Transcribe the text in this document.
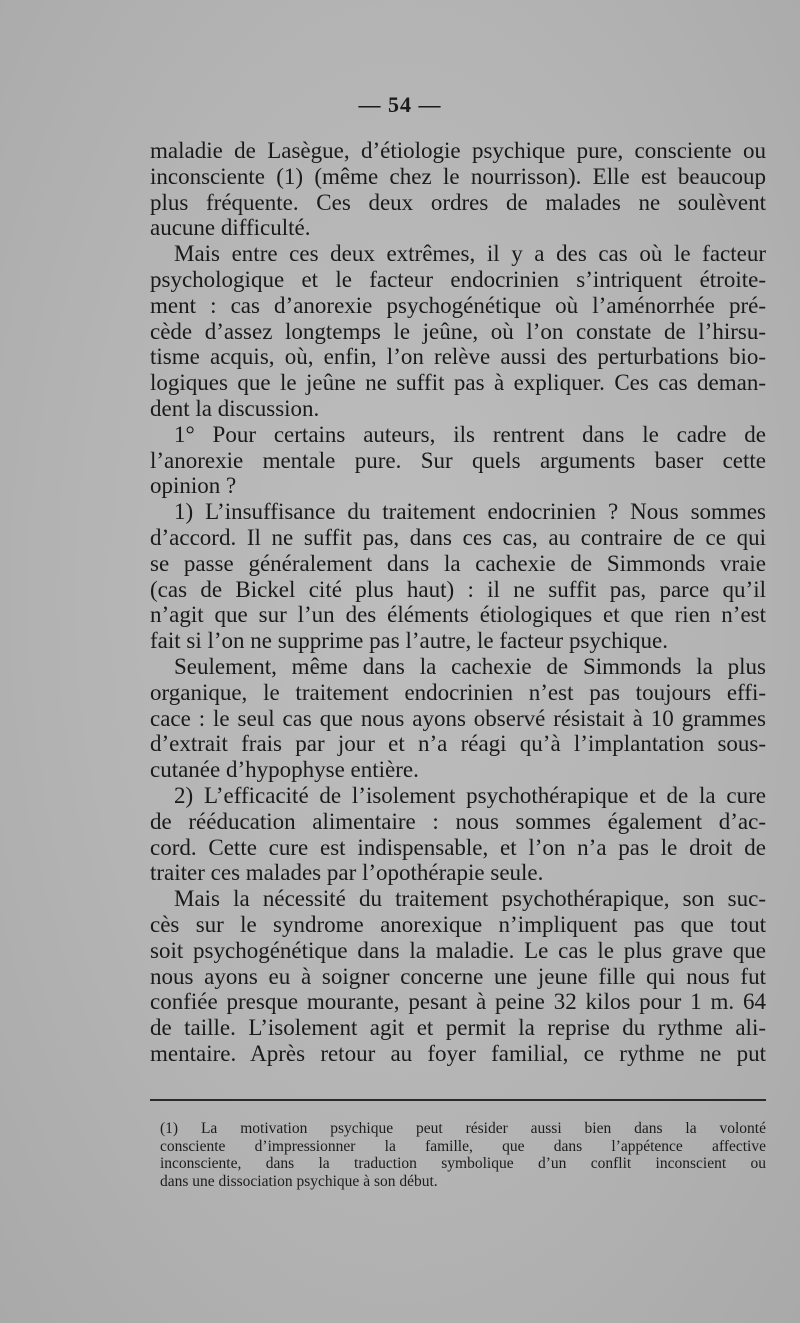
— 54 —
maladie de Lasègue, d’étiologie psychique pure, consciente ou
inconsciente (1) (même chez le nourrisson). Elle est beaucoup
plus fréquente. Ces deux ordres de malades ne soulèvent
aucune difficulté.
Mais entre ces deux extrêmes, il y a des cas où le facteur
psychologique et le facteur endocrinien s’intriquent étroite-
ment : cas d’anorexie psychogénétique où l’aménorrhée pré-
cède d’assez longtemps le jeûne, où l’on constate de l’hirsu-
tisme acquis, où, enfin, l’on relève aussi des perturbations bio-
logiques que le jeûne ne suffit pas à expliquer. Ces cas deman-
dent la discussion.
1° Pour certains auteurs, ils rentrent dans le cadre de
l’anorexie mentale pure. Sur quels arguments baser cette
opinion ?
1) L’insuffisance du traitement endocrinien ? Nous sommes
d’accord. Il ne suffit pas, dans ces cas, au contraire de ce qui
se passe généralement dans la cachexie de Simmonds vraie
(cas de Bickel cité plus haut) : il ne suffit pas, parce qu’il
n’agit que sur l’un des éléments étiologiques et que rien n’est
fait si l’on ne supprime pas l’autre, le facteur psychique.
Seulement, même dans la cachexie de Simmonds la plus
organique, le traitement endocrinien n’est pas toujours effi-
cace : le seul cas que nous ayons observé résistait à 10 grammes
d’extrait frais par jour et n’a réagi qu’à l’implantation sous-
cutanée d’hypophyse entière.
2) L’efficacité de l’isolement psychothérapique et de la cure
de rééducation alimentaire : nous sommes également d’ac-
cord. Cette cure est indispensable, et l’on n’a pas le droit de
traiter ces malades par l’opothérapie seule.
Mais la nécessité du traitement psychothérapique, son suc-
cès sur le syndrome anorexique n’impliquent pas que tout
soit psychogénétique dans la maladie. Le cas le plus grave que
nous ayons eu à soigner concerne une jeune fille qui nous fut
confiée presque mourante, pesant à peine 32 kilos pour 1 m. 64
de taille. L’isolement agit et permit la reprise du rythme ali-
mentaire. Après retour au foyer familial, ce rythme ne put
(1) La motivation psychique peut résider aussi bien dans la volonté
consciente d’impressionner la famille, que dans l’appétence affective
inconsciente, dans la traduction symbolique d’un conflit inconscient ou
dans une dissociation psychique à son début.
